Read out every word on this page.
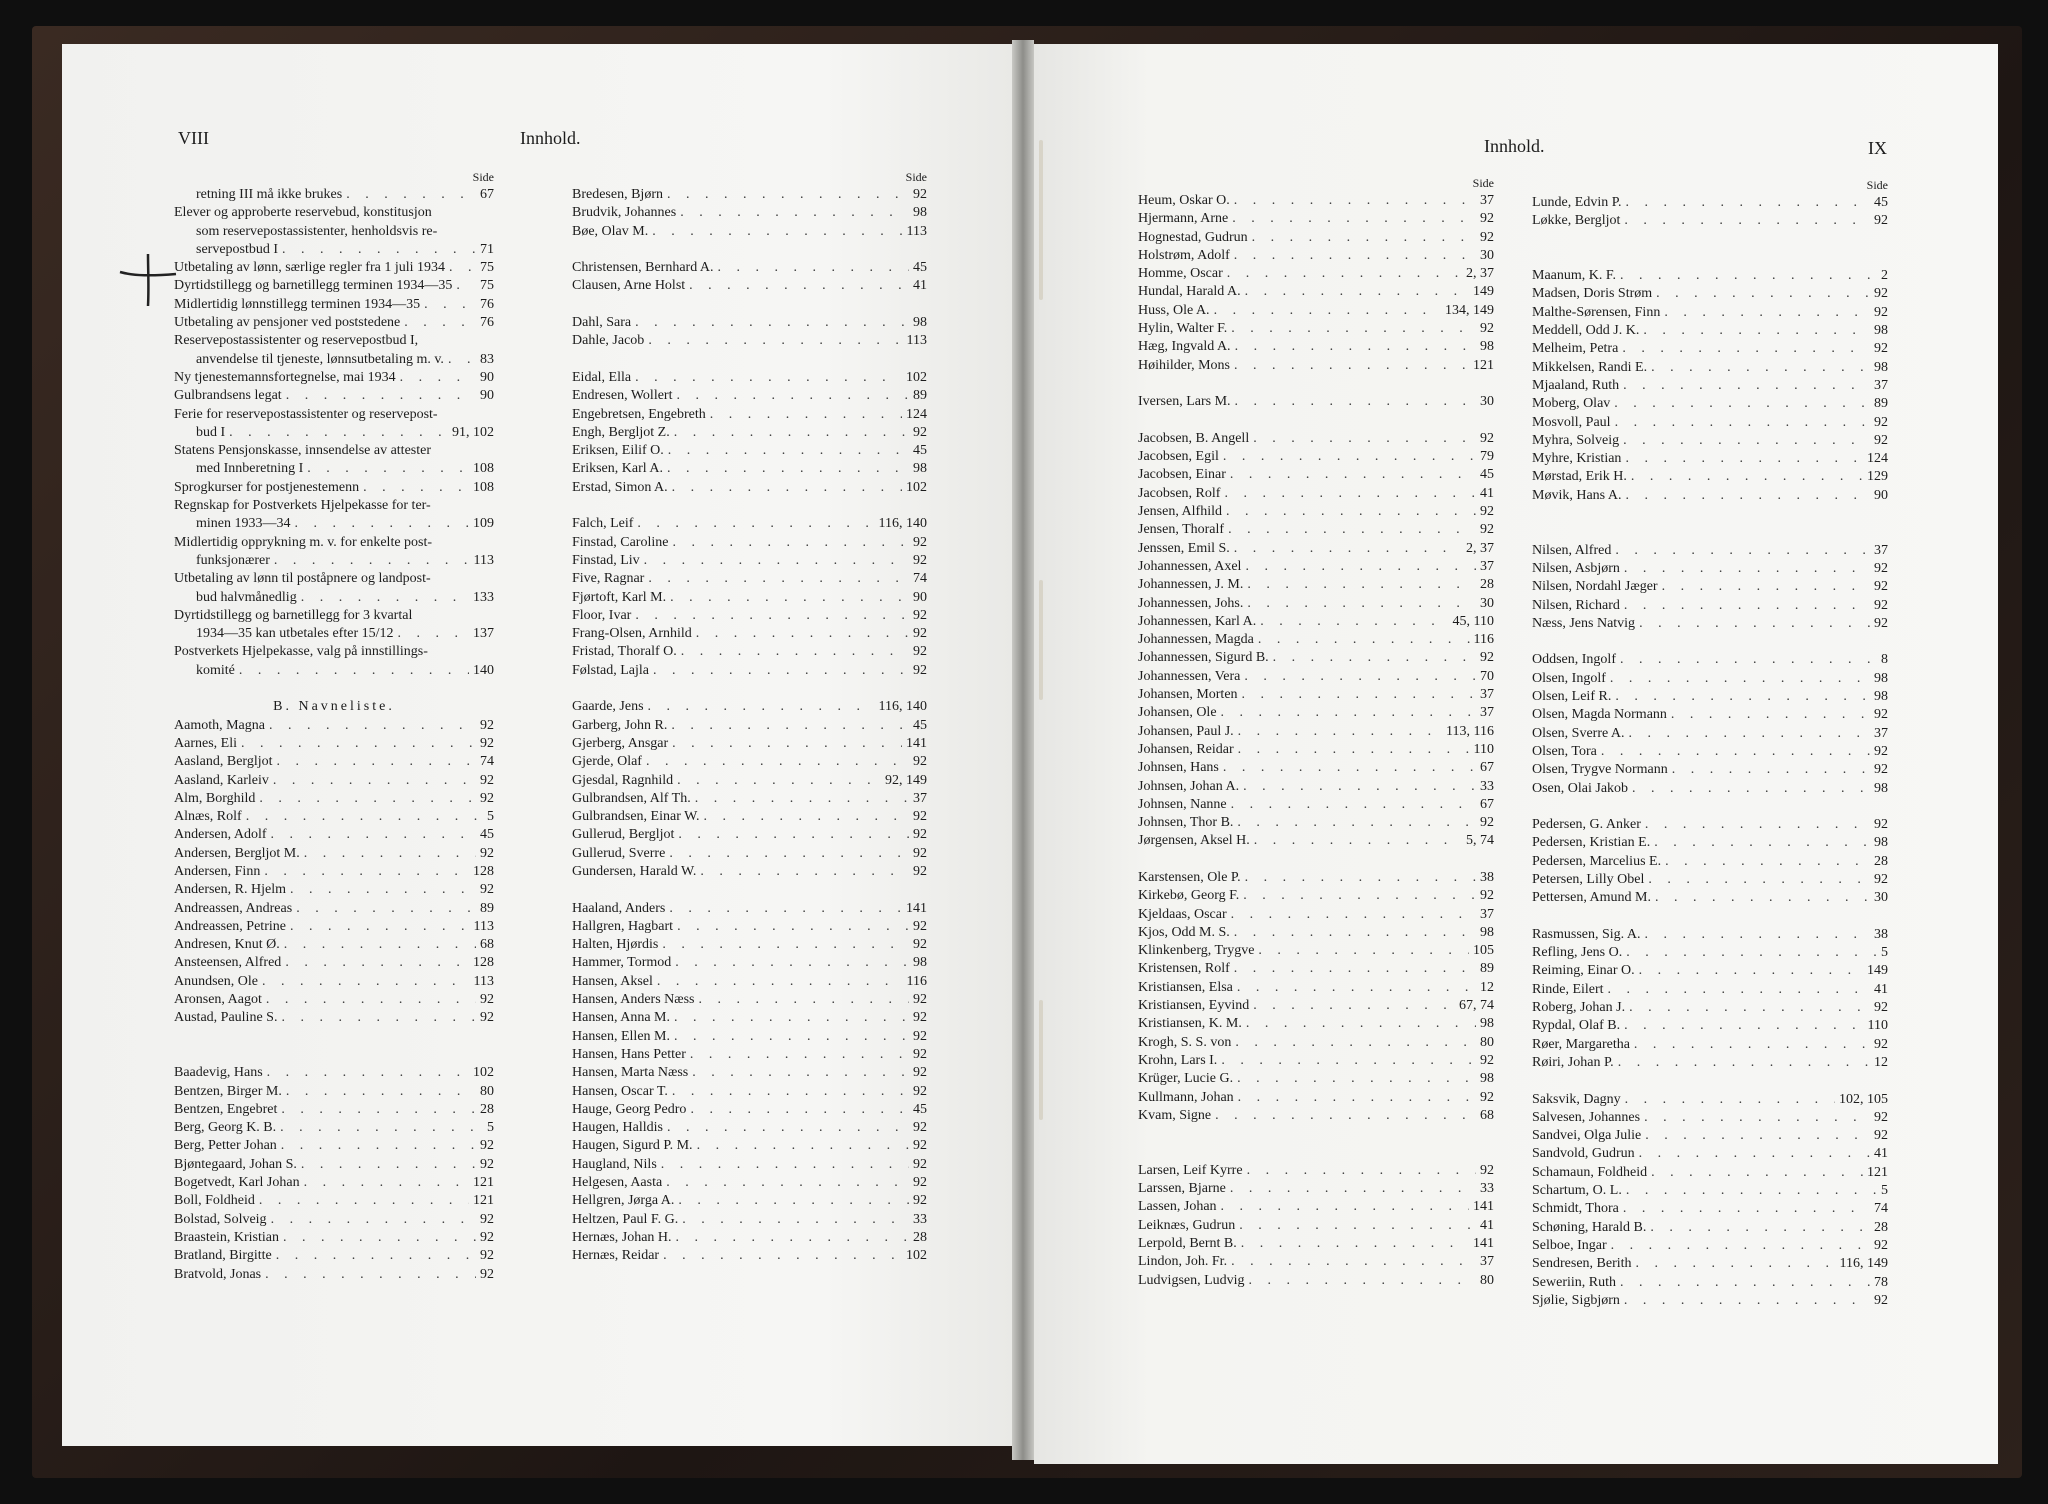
VIII	Innhold.	Innhold.	IX
Side
retning III må ikke brukes . . .	67
Elever og approberte reservebud, konstitusjon
som reservepostassistenter, henholdsvis re-
servepostbud I . . .	71
Utbetaling av lønn, særlige regler fra 1 juli 1934 . . .	75
Dyrtidstillegg og barnetillegg terminen 1934—35 . . . 75
Midlertidig lønnstillegg terminen 1934—35 . . .	76
Utbetaling av pensjoner ved poststedene . . .	76
Reservepostassistenter og reservepostbud I,
anvendelse til tjeneste, lønnsutbetaling m. v. . . .	83
Ny tjenestemannsfortegnelse, mai 1934 . . .	90
Gulbrandsens legat . . .	90
Ferie for reservepostassistenter og reservepost-
bud I . . .	91, 102
Statens Pensjonskasse, innsendelse av attester
med Innberetning I . . .	108
Sprogkurser for postjenestemenn . . .	108
Regnskap for Postverkets Hjelpekasse for ter-
minen 1933—34 . . .	109
Midlertidig opprykning m. v. for enkelte post-
funksjonærer . . .	113
Utbetaling av lønn til poståpnere og landpost-
bud halvmånedlig . . .	133
Dyrtidstillegg og barnetillegg for 3 kvartal
1934—35 kan utbetales efter 15/12 . . .	137
Postverkets Hjelpekasse, valg på innstillings-
komité . . .	140
B. Navneliste.
Aamoth, Magna . . .	92
Aarnes, Eli . . .	92
Aasland, Bergljot . . .	74
Aasland, Karleiv . . .	92
Alm, Borghild . . .	92
Alnæs, Rolf . . .	5
Andersen, Adolf . . .	45
Andersen, Bergljot M. . . .	92
Andersen, Finn . . .	128
Andersen, R. Hjelm . . .	92
Andreassen, Andreas . . .	89
Andreassen, Petrine . . .	113
Andresen, Knut Ø. . . .	68
Ansteensen, Alfred . . .	128
Anundsen, Ole . . .	113
Aronsen, Aagot . . .	92
Austad, Pauline S. . . .	92
Baadevig, Hans . . .	102
Bentzen, Birger M. . . .	80
Bentzen, Engebret . . .	28
Berg, Georg K. B. . . .	5
Berg, Petter Johan . . .	92
Bjøntegaard, Johan S. . . .	92
Bogetvedt, Karl Johan . . .	121
Boll, Foldheid . . .	121
Bolstad, Solveig . . .	92
Braastein, Kristian . . .	92
Bratland, Birgitte . . .	92
Bratvold, Jonas . . .	92
Side
Bredesen, Bjørn . . .	92
Brudvik, Johannes . . .	98
Bøe, Olav M. . . .	113
Christensen, Bernhard A. . . .	45
Clausen, Arne Holst . . .	41
Dahl, Sara . . .	98
Dahle, Jacob . . .	113
Eidal, Ella . . .	102
Endresen, Wollert . . .	89
Engebretsen, Engebreth . . .	124
Engh, Bergljot Z. . . .	92
Eriksen, Eilif O. . . .	45
Eriksen, Karl A. . . .	98
Erstad, Simon A. . . .	102
Falch, Leif . . .	116, 140
Finstad, Caroline . . .	92
Finstad, Liv . . .	92
Five, Ragnar . . .	74
Fjørtoft, Karl M. . . .	90
Floor, Ivar . . .	92
Frang-Olsen, Arnhild . . .	92
Fristad, Thoralf O. . . .	92
Følstad, Lajla . . .	92
Gaarde, Jens . . .	116, 140
Garberg, John R. . . .	45
Gjerberg, Ansgar . . .	141
Gjerde, Olaf . . .	92
Gjesdal, Ragnhild . . .	92, 149
Gulbrandsen, Alf Th. . . .	37
Gulbrandsen, Einar W. . . .	92
Gullerud, Bergljot . . .	92
Gullerud, Sverre . . .	92
Gundersen, Harald W. . . .	92
Haaland, Anders . . .	141
Hallgren, Hagbart . . .	92
Halten, Hjørdis . . .	92
Hammer, Tormod . . .	98
Hansen, Aksel . . .	116
Hansen, Anders Næss . . .	92
Hansen, Anna M. . . .	92
Hansen, Ellen M. . . .	92
Hansen, Hans Petter . . .	92
Hansen, Marta Næss . . .	92
Hansen, Oscar T. . . .	92
Hauge, Georg Pedro . . .	45
Haugen, Halldis . . .	92
Haugen, Sigurd P. M. . . .	92
Haugland, Nils . . .	92
Helgesen, Aasta . . .	92
Hellgren, Jørga A. . . .	92
Heltzen, Paul F. G. . . .	33
Hernæs, Johan H. . . .	28
Hernæs, Reidar . . .	102
Side
Heum, Oskar O. . . .	37
Hjermann, Arne . . .	92
Hognestad, Gudrun . . .	92
Holstrøm, Adolf . . .	30
Homme, Oscar . . .	2, 37
Hundal, Harald A. . . .	149
Huss, Ole A. . . .	134, 149
Hylin, Walter F. . . .	92
Hæg, Ingvald A. . . .	98
Høihilder, Mons . . .	121
Iversen, Lars M. . . .	30
Jacobsen, B. Angell . . .	92
Jacobsen, Egil . . .	79
Jacobsen, Einar . . .	45
Jacobsen, Rolf . . .	41
Jensen, Alfhild . . .	92
Jensen, Thoralf . . .	92
Jenssen, Emil S. . . .	2, 37
Johannessen, Axel . . .	37
Johannessen, J. M. . . .	28
Johannessen, Johs. . . .	30
Johannessen, Karl A. . . .	45, 110
Johannessen, Magda . . .	116
Johannessen, Sigurd B. . . .	92
Johannessen, Vera . . .	70
Johansen, Morten . . .	37
Johansen, Ole . . .	37
Johansen, Paul J. . . .	113, 116
Johansen, Reidar . . .	110
Johnsen, Hans . . .	67
Johnsen, Johan A. . . .	33
Johnsen, Nanne . . .	67
Johnsen, Thor B. . . .	92
Jørgensen, Aksel H. . . .	5, 74
Karstensen, Ole P. . . .	38
Kirkebø, Georg F. . . .	92
Kjeldaas, Oscar . . .	37
Kjos, Odd M. S. . . .	98
Klinkenberg, Trygve . . .	105
Kristensen, Rolf . . .	89
Kristiansen, Elsa . . .	12
Kristiansen, Eyvind . . .	67, 74
Kristiansen, K. M. . . .	98
Krogh, S. S. von . . .	80
Krohn, Lars I. . . .	92
Krüger, Lucie G. . . .	98
Kullmann, Johan . . .	92
Kvam, Signe . . .	68
Larsen, Leif Kyrre . . .	92
Larssen, Bjarne . . .	33
Lassen, Johan . . .	141
Leiknæs, Gudrun . . .	41
Lerpold, Bernt B. . . .	141
Lindon, Joh. Fr. . . .	37
Ludvigsen, Ludvig . . .	80
Side
Lunde, Edvin P. . . .	45
Løkke, Bergljot . . .	92
Maanum, K. F. . . .	2
Madsen, Doris Strøm . . .	92
Malthe-Sørensen, Finn . . .	92
Meddell, Odd J. K. . . .	98
Melheim, Petra . . .	92
Mikkelsen, Randi E. . . .	98
Mjaaland, Ruth . . .	37
Moberg, Olav . . .	89
Mosvoll, Paul . . .	92
Myhra, Solveig . . .	92
Myhre, Kristian . . .	124
Mørstad, Erik H. . . .	129
Møvik, Hans A. . . .	90
Nilsen, Alfred . . .	37
Nilsen, Asbjørn . . .	92
Nilsen, Nordahl Jæger . . .	92
Nilsen, Richard . . .	92
Næss, Jens Natvig . . .	92
Oddsen, Ingolf . . .	8
Olsen, Ingolf . . .	98
Olsen, Leif R. . . .	98
Olsen, Magda Normann . . .	92
Olsen, Sverre A. . . .	37
Olsen, Tora . . .	92
Olsen, Trygve Normann . . .	92
Osen, Olai Jakob . . .	98
Pedersen, G. Anker . . .	92
Pedersen, Kristian E. . . .	98
Pedersen, Marcelius E. . . .	28
Petersen, Lilly Obel . . .	92
Pettersen, Amund M. . . .	30
Rasmussen, Sig. A. . . .	38
Refling, Jens O. . . .	5
Reiming, Einar O. . . .	149
Rinde, Eilert . . .	41
Roberg, Johan J. . . .	92
Rypdal, Olaf B. . . .	110
Røer, Margaretha . . .	92
Røiri, Johan P. . . .	12
Saksvik, Dagny . . .	102, 105
Salvesen, Johannes . . .	92
Sandvei, Olga Julie . . .	92
Sandvold, Gudrun . . .	41
Schamaun, Foldheid . . .	121
Schartum, O. L. . . .	5
Schmidt, Thora . . .	74
Schøning, Harald B. . . .	28
Selboe, Ingar . . .	92
Sendresen, Berith . . .	116, 149
Seweriin, Ruth . . .	78
Sjølie, Sigbjørn . . .	92
